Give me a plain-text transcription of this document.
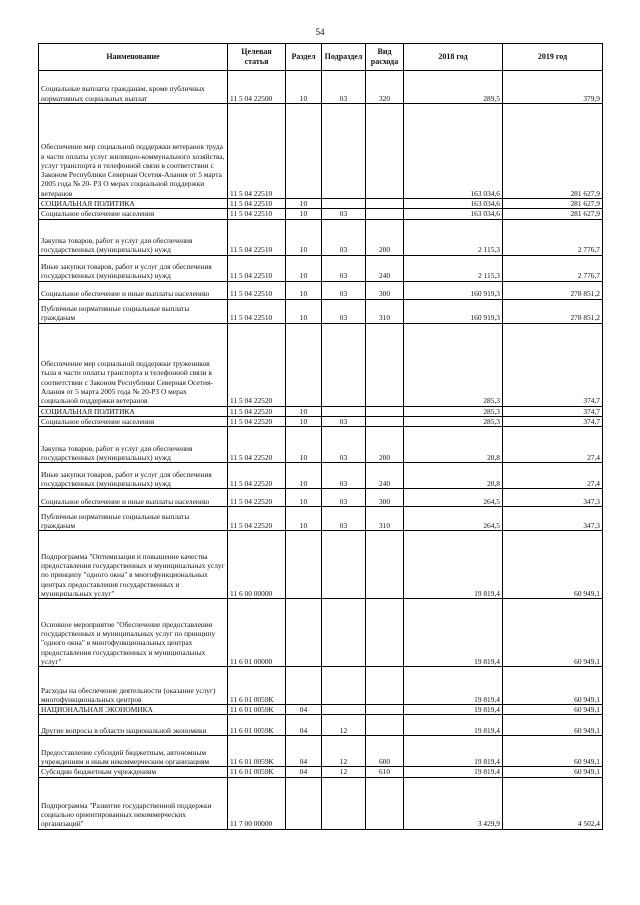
54
Наименование	Целевая статья	Раздел	Подраздел	Вид расхода	2018 год	2019 год
Социальные выплаты гражданам, кроме публичных нормативных социальных выплат	11 5 04 22500	10	03	320	289,5	379,9
Обеспечение мер социальной поддержки ветеранов труда в части оплаты услуг жилищно-коммунального хозяйства, услуг транспорта и телефонной связи в соответствии с Законом Республики Северная Осетия-Алания от 5 марта 2005 года № 20- РЗ О мерах социальной поддержки ветеранов	11 5 04 22510				163 034,6	281 627,9
СОЦИАЛЬНАЯ ПОЛИТИКА	11 5 04 22510	10			163 034,6	281 627,9
Социальное обеспечение населения	11 5 04 22510	10	03		163 034,6	281 627,9
Закупка товаров, работ и услуг для обеспечения государственных (муниципальных) нужд	11 5 04 22510	10	03	200	2 115,3	2 776,7
Иные закупки товаров, работ и услуг для обеспечения государственных (муниципальных) нужд	11 5 04 22510	10	03	240	2 115,3	2 776,7
Социальное обеспечение и иные выплаты населению	11 5 04 22510	10	03	300	160 919,3	278 851,2
Публичные нормативные социальные выплаты гражданам	11 5 04 22510	10	03	310	160 919,3	278 851,2
Обеспечение мер социальной поддержки тружеников тыла в части оплаты транспорта и телефонной связи в соответствии с Законом Республики Северная Осетия-Алания от 5 марта 2005 года № 20-РЗ О мерах социальной поддержки ветеранов	11 5 04 22520				285,3	374,7
СОЦИАЛЬНАЯ ПОЛИТИКА	11 5 04 22520	10			285,3	374,7
Социальное обеспечение населения	11 5 04 22520	10	03		285,3	374,7
Закупка товаров, работ и услуг для обеспечения государственных (муниципальных) нужд	11 5 04 22520	10	03	200	20,8	27,4
Иные закупки товаров, работ и услуг для обеспечения государственных (муниципальных) нужд	11 5 04 22520	10	03	240	20,8	27,4
Социальное обеспечение и иные выплаты населению	11 5 04 22520	10	03	300	264,5	347,3
Публичные нормативные социальные выплаты гражданам	11 5 04 22520	10	03	310	264,5	347,3
Подпрограмма "Оптимизация и повышение качества предоставления государственных и муниципальных услуг по принципу "одного окна" в многофункциональных центрах предоставления государственных и муниципальных услуг"	11 6 00 00000				19 819,4	60 949,1
Основное мероприятие "Обеспечение предоставления государственных и муниципальных услуг по принципу "одного окна" в многофункциональных центрах предоставления государственных и муниципальных услуг"	11 6 01 00000				19 819,4	60 949,1
Расходы на обеспечение деятельности (оказание услуг) многофункциональных центров	11 6 01 0059К				19 819,4	60 949,1
НАЦИОНАЛЬНАЯ ЭКОНОМИКА	11 6 01 0059К	04			19 819,4	60 949,1
Другие вопросы в области национальной экономики	11 6 01 0059К	04	12		19 819,4	60 949,1
Предоставление субсидий бюджетным, автономным учреждениям и иным некоммерческим организациям	11 6 01 0059К	04	12	600	19 819,4	60 949,1
Субсидии бюджетным учреждениям	11 6 01 0059К	04	12	610	19 819,4	60 949,1
Подпрограмма "Развитие государственной поддержки социально ориентированных некоммерческих организаций"	11 7 00 00000				3 429,9	4 502,4
